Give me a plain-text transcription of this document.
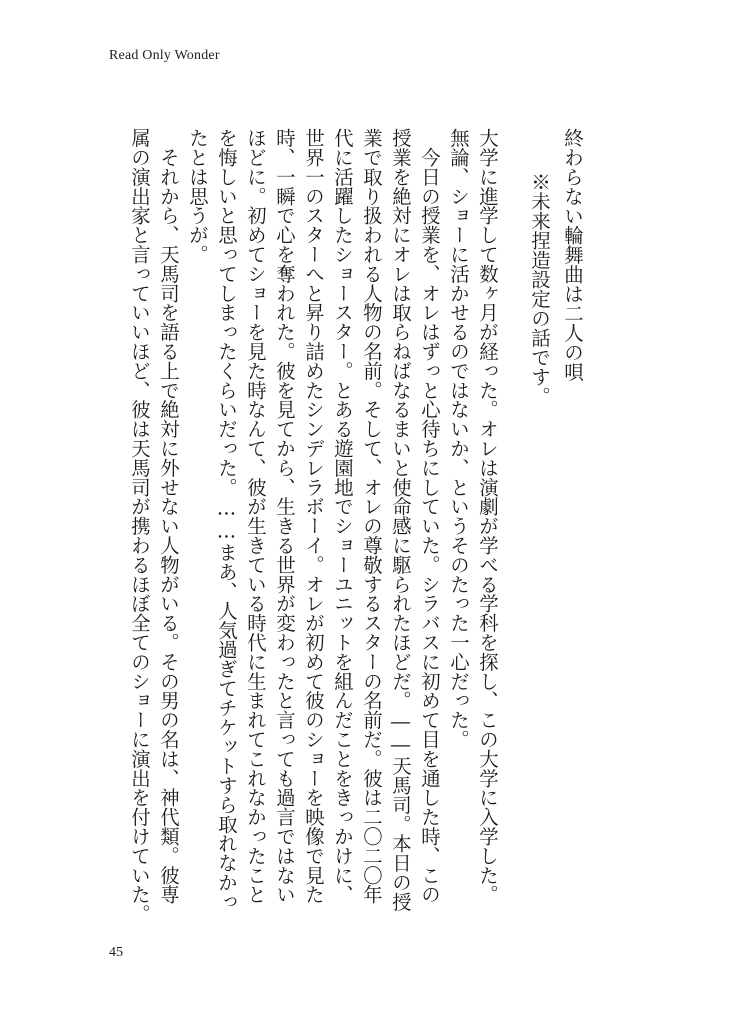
Read Only Wonder
終わらない輪舞曲は二人の唄
※未来捏造設定の話です。
大学に進学して数ヶ月が経った。オレは演劇が学べる学科を探し、この大学に入学した。
無論、ショーに活かせるのではないか、というそのたった一心だった。
　今日の授業を、オレはずっと心待ちにしていた。シラバスに初めて目を通した時、この
授業を絶対にオレは取らねばなるまいと使命感に駆られたほどだ。――天馬司。本日の授
業で取り扱われる人物の名前。そして、オレの尊敬するスターの名前だ。彼は二〇二〇年
代に活躍したショースター。とある遊園地でショーユニットを組んだことをきっかけに、
世界一のスターへと昇り詰めたシンデレラボーイ。オレが初めて彼のショーを映像で見た
時、一瞬で心を奪われた。彼を見てから、生きる世界が変わったと言っても過言ではない
ほどに。初めてショーを見た時なんて、彼が生きている時代に生まれてこれなかったこと
を悔しいと思ってしまったくらいだった。……まあ、人気過ぎてチケットすら取れなかっ
たとは思うが。
　それから、天馬司を語る上で絶対に外せない人物がいる。その男の名は、神代類。彼専
属の演出家と言っていいほど、彼は天馬司が携わるほぼ全てのショーに演出を付けていた。
45
